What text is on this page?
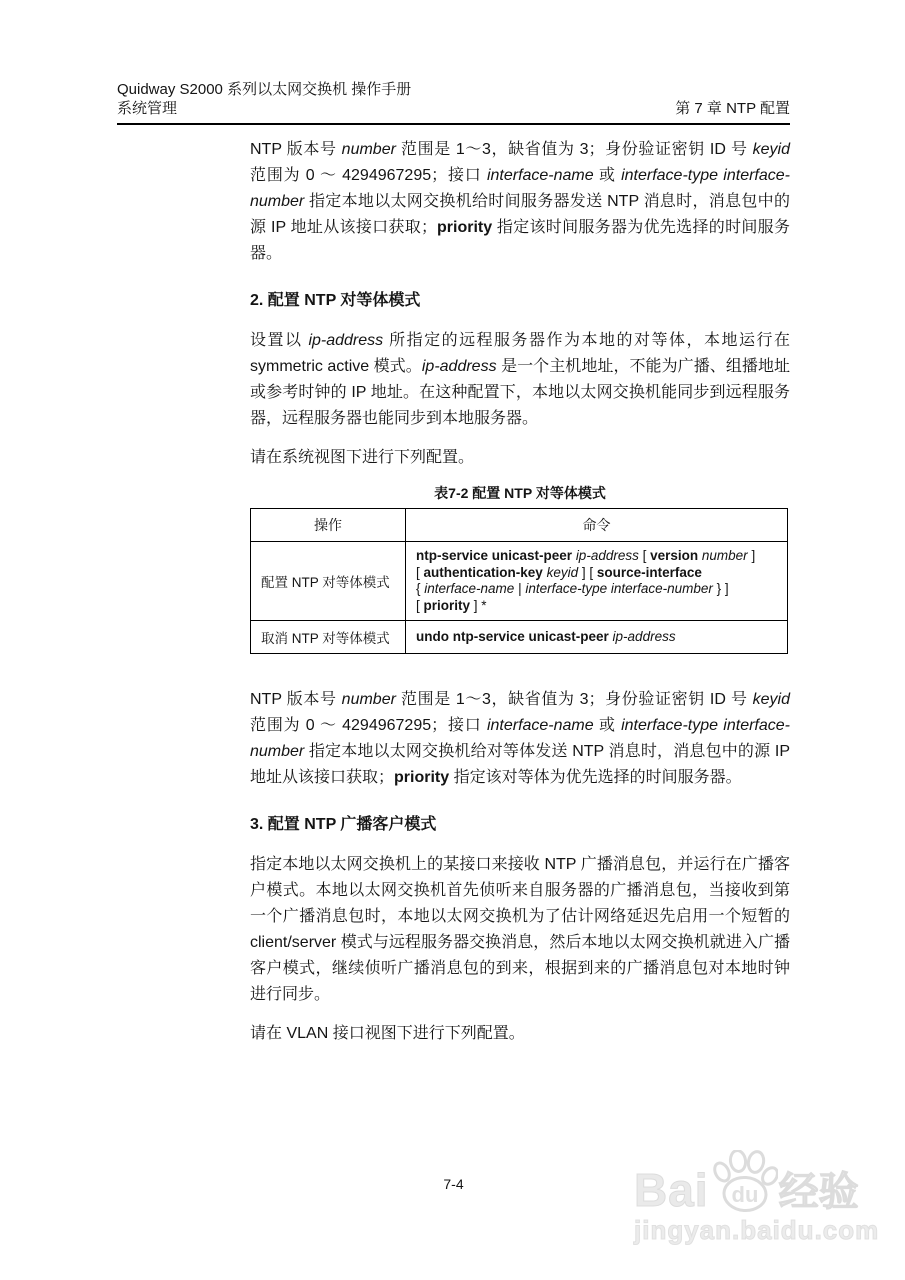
Quidway S2000 系列以太网交换机 操作手册
系统管理	第 7 章 NTP 配置

NTP 版本号 number 范围是 1～3，缺省值为 3；身份验证密钥 ID 号 keyid 范围为 0 ～ 4294967295；接口 interface-name 或 interface-type interface-number 指定本地以太网交换机给时间服务器发送 NTP 消息时，消息包中的源 IP 地址从该接口获取；priority 指定该时间服务器为优先选择的时间服务器。

2. 配置 NTP 对等体模式

设置以 ip-address 所指定的远程服务器作为本地的对等体，本地运行在 symmetric active 模式。ip-address 是一个主机地址，不能为广播、组播地址或参考时钟的 IP 地址。在这种配置下，本地以太网交换机能同步到远程服务器，远程服务器也能同步到本地服务器。

请在系统视图下进行下列配置。

表7-2 配置 NTP 对等体模式
操作	命令
配置 NTP 对等体模式	ntp-service unicast-peer ip-address [ version number ]
[ authentication-key keyid ] [ source-interface
{ interface-name | interface-type interface-number } ]
[ priority ] *
取消 NTP 对等体模式	undo ntp-service unicast-peer ip-address

NTP 版本号 number 范围是 1～3，缺省值为 3；身份验证密钥 ID 号 keyid 范围为 0 ～ 4294967295；接口 interface-name 或 interface-type interface-number 指定本地以太网交换机给对等体发送 NTP 消息时，消息包中的源 IP 地址从该接口获取；priority 指定该对等体为优先选择的时间服务器。

3. 配置 NTP 广播客户模式

指定本地以太网交换机上的某接口来接收 NTP 广播消息包，并运行在广播客户模式。本地以太网交换机首先侦听来自服务器的广播消息包，当接收到第一个广播消息包时，本地以太网交换机为了估计网络延迟先启用一个短暂的 client/server 模式与远程服务器交换消息，然后本地以太网交换机就进入广播客户模式，继续侦听广播消息包的到来，根据到来的广播消息包对本地时钟进行同步。

请在 VLAN 接口视图下进行下列配置。

7-4	Bai du 经验
jingyan.baidu.com
